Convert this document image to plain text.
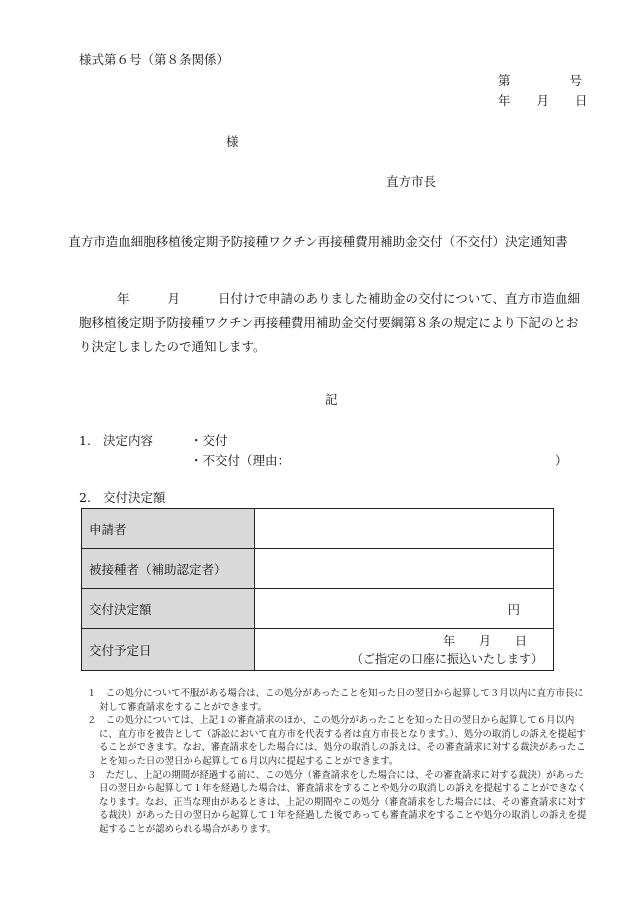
様式第６号（第８条関係）
第	号
年 月 日
様
直方市長
直方市造血細胞移植後定期予防接種ワクチン再接種費用補助金交付（不交付）決定通知書
年	月	日付けで申請のありました補助金の交付について、直方市造血細胞移植後定期予防接種ワクチン再接種費用補助金交付要綱第８条の規定により下記のとおり決定しましたので通知します。
記
1. 決定内容	・交付
・不交付（理由：	）
2. 交付決定額
申請者	
被接種者（補助認定者）	
交付決定額	円
交付予定日	年　　月　　日
（ご指定の口座に振込いたします）
１　この処分について不服がある場合は、この処分があったことを知った日の翌日から起算して３月以内に直方市長に対して審査請求をすることができます。
２　この処分については、上記１の審査請求のほか、この処分があったことを知った日の翌日から起算して６月以内に、直方市を被告として（訴訟において直方市を代表する者は直方市長となります。）、処分の取消しの訴えを提起することができます。なお、審査請求をした場合には、処分の取消しの訴えは、その審査請求に対する裁決があったことを知った日の翌日から起算して６月以内に提起することができます。
３　ただし、上記の期間が経過する前に、この処分（審査請求をした場合には、その審査請求に対する裁決）があった日の翌日から起算して１年を経過した場合は、審査請求をすることや処分の取消しの訴えを提起することができなくなります。なお、正当な理由があるときは、上記の期間やこの処分（審査請求をした場合には、その審査請求に対する裁決）があった日の翌日から起算して１年を経過した後であっても審査請求をすることや処分の取消しの訴えを提起することが認められる場合があります。
